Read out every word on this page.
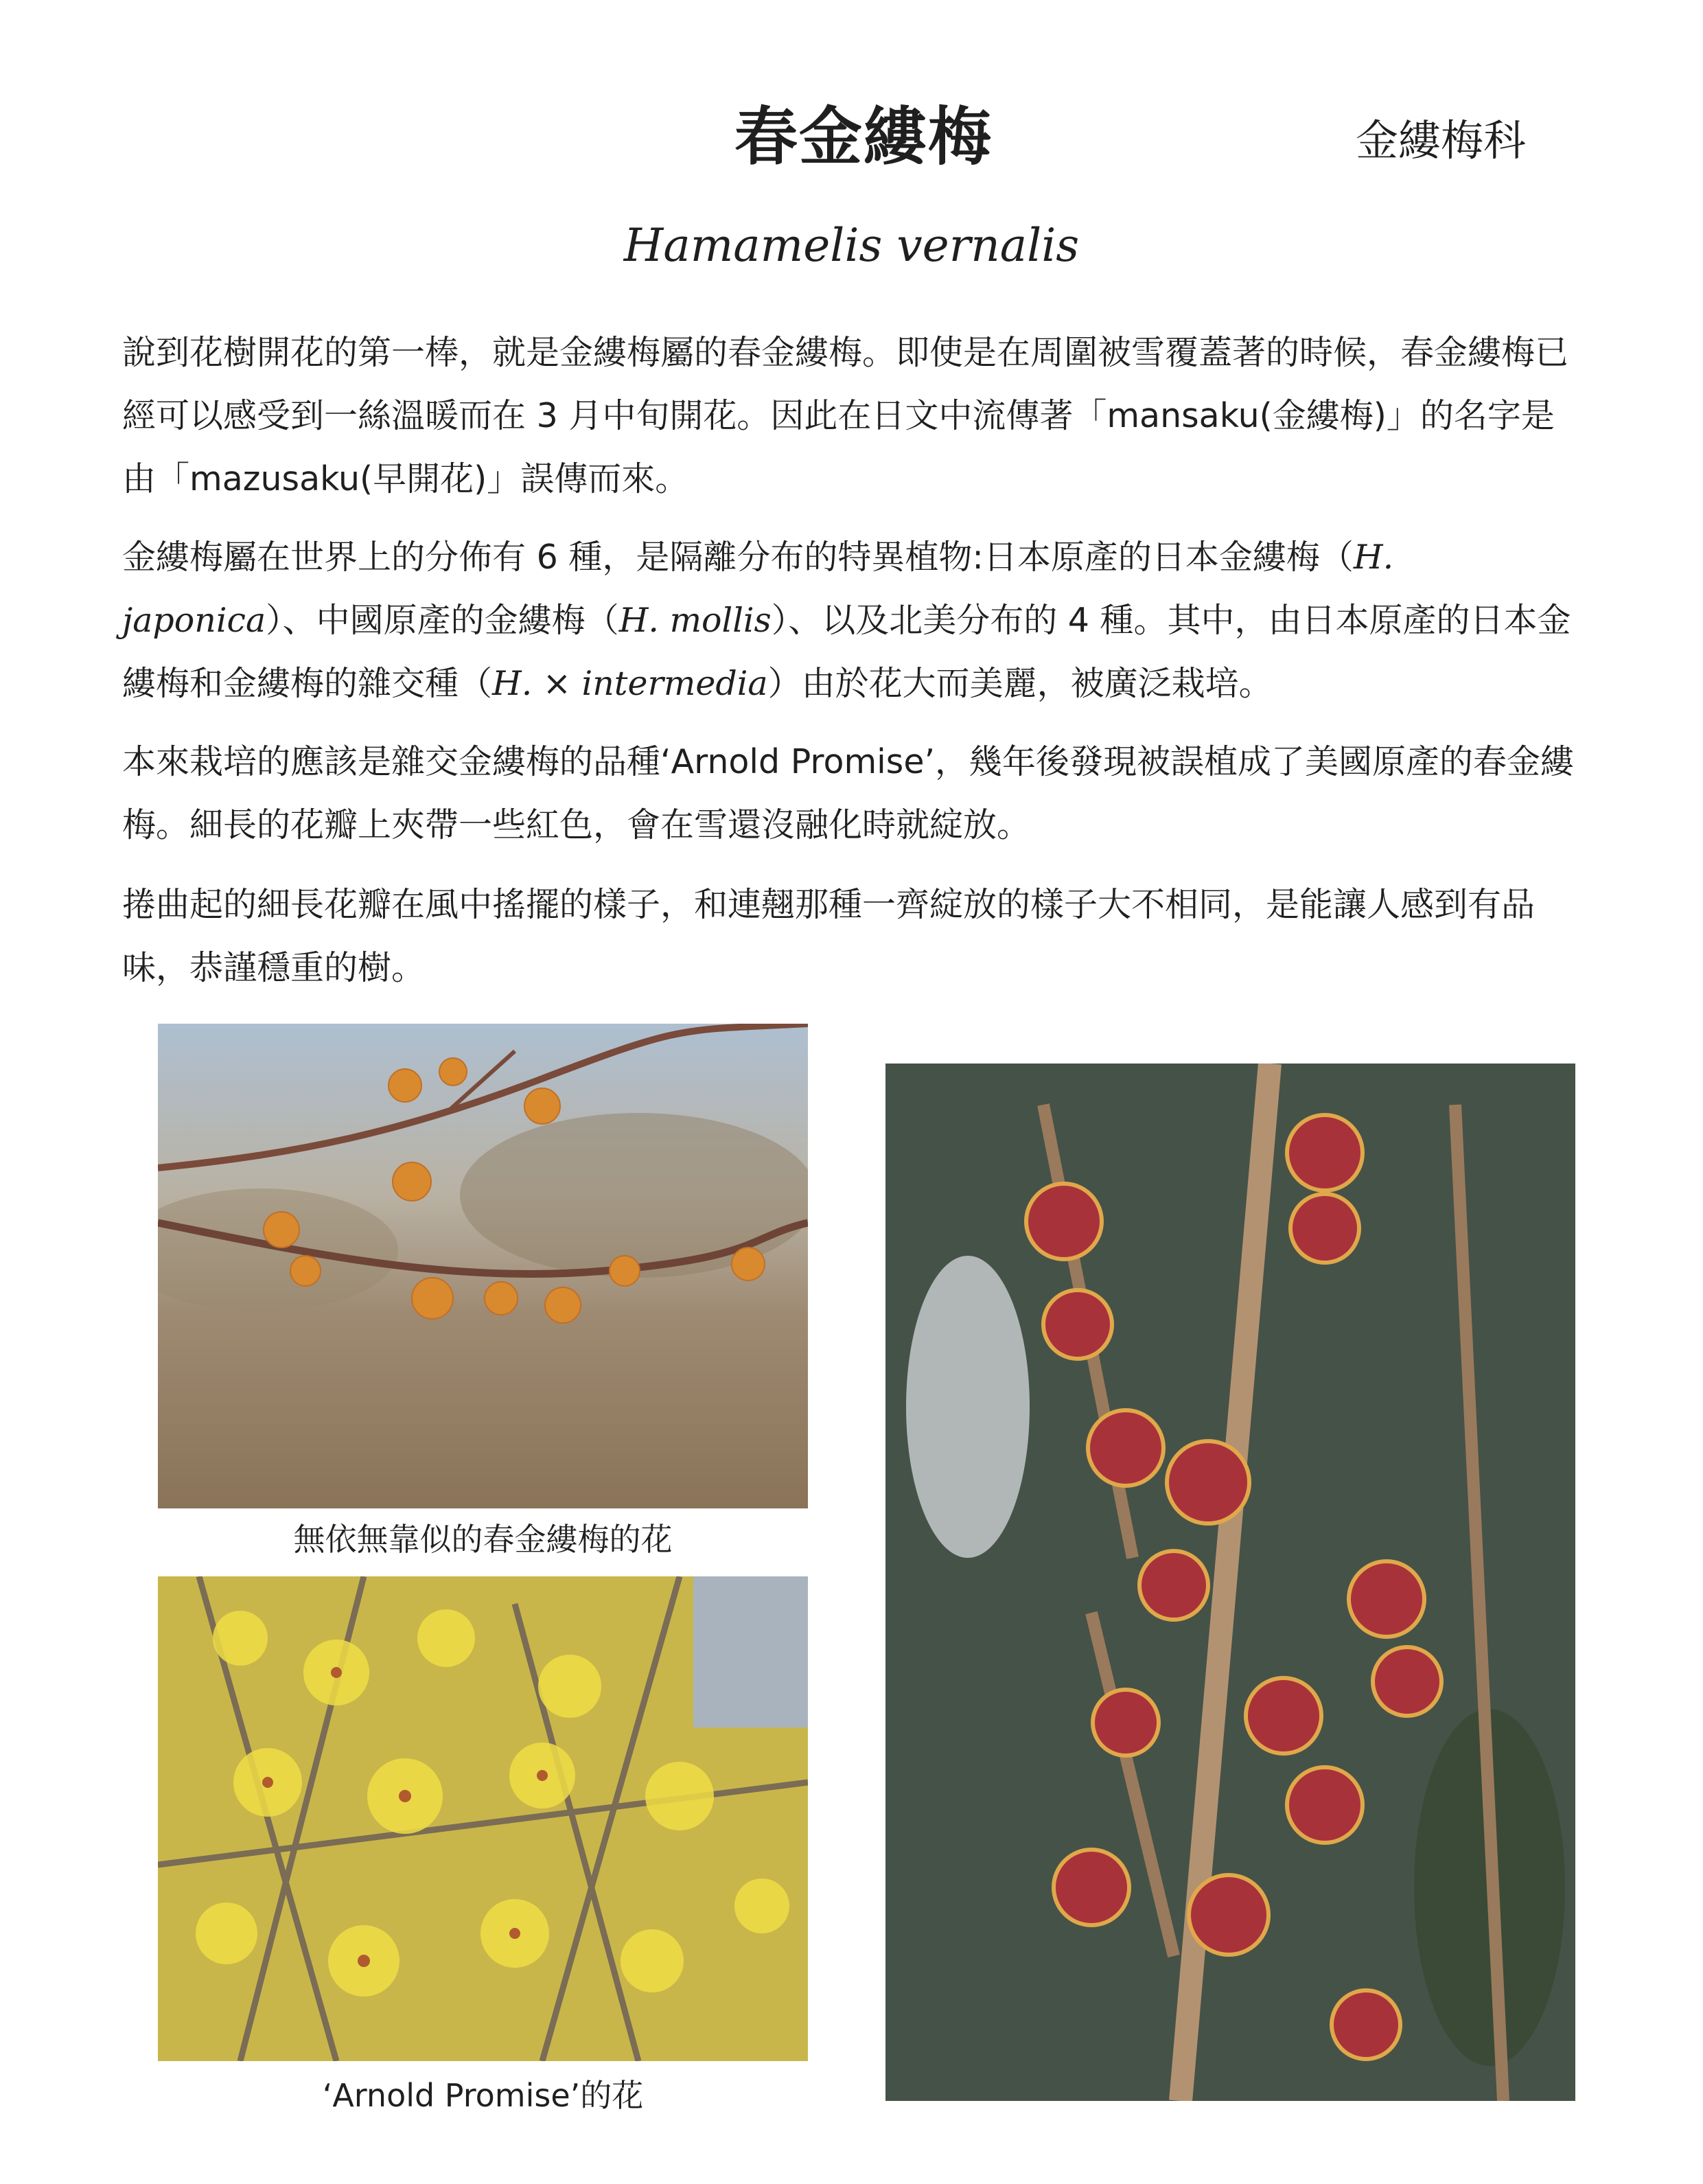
春金縷梅	金縷梅科
Hamamelis vernalis

說到花樹開花的第一棒，就是金縷梅屬的春金縷梅。即使是在周圍被雪覆蓋著的時候，春金縷梅已經可以感受到一絲溫暖而在 3 月中旬開花。因此在日文中流傳著「mansaku(金縷梅)」的名字是由「mazusaku(早開花)」誤傳而來。

金縷梅屬在世界上的分佈有 6 種，是隔離分布的特異植物:日本原產的日本金縷梅（H. japonica）、中國原產的金縷梅（H. mollis）、以及北美分布的 4 種。其中，由日本原產的日本金縷梅和金縷梅的雜交種（H. × intermedia）由於花大而美麗，被廣泛栽培。

本來栽培的應該是雜交金縷梅的品種‘Arnold Promise’，幾年後發現被誤植成了美國原產的春金縷梅。細長的花瓣上夾帶一些紅色，會在雪還沒融化時就綻放。

捲曲起的細長花瓣在風中搖擺的樣子，和連翹那種一齊綻放的樣子大不相同，是能讓人感到有品味，恭謹穩重的樹。

無依無靠似的春金縷梅的花
‘Arnold Promise’的花
